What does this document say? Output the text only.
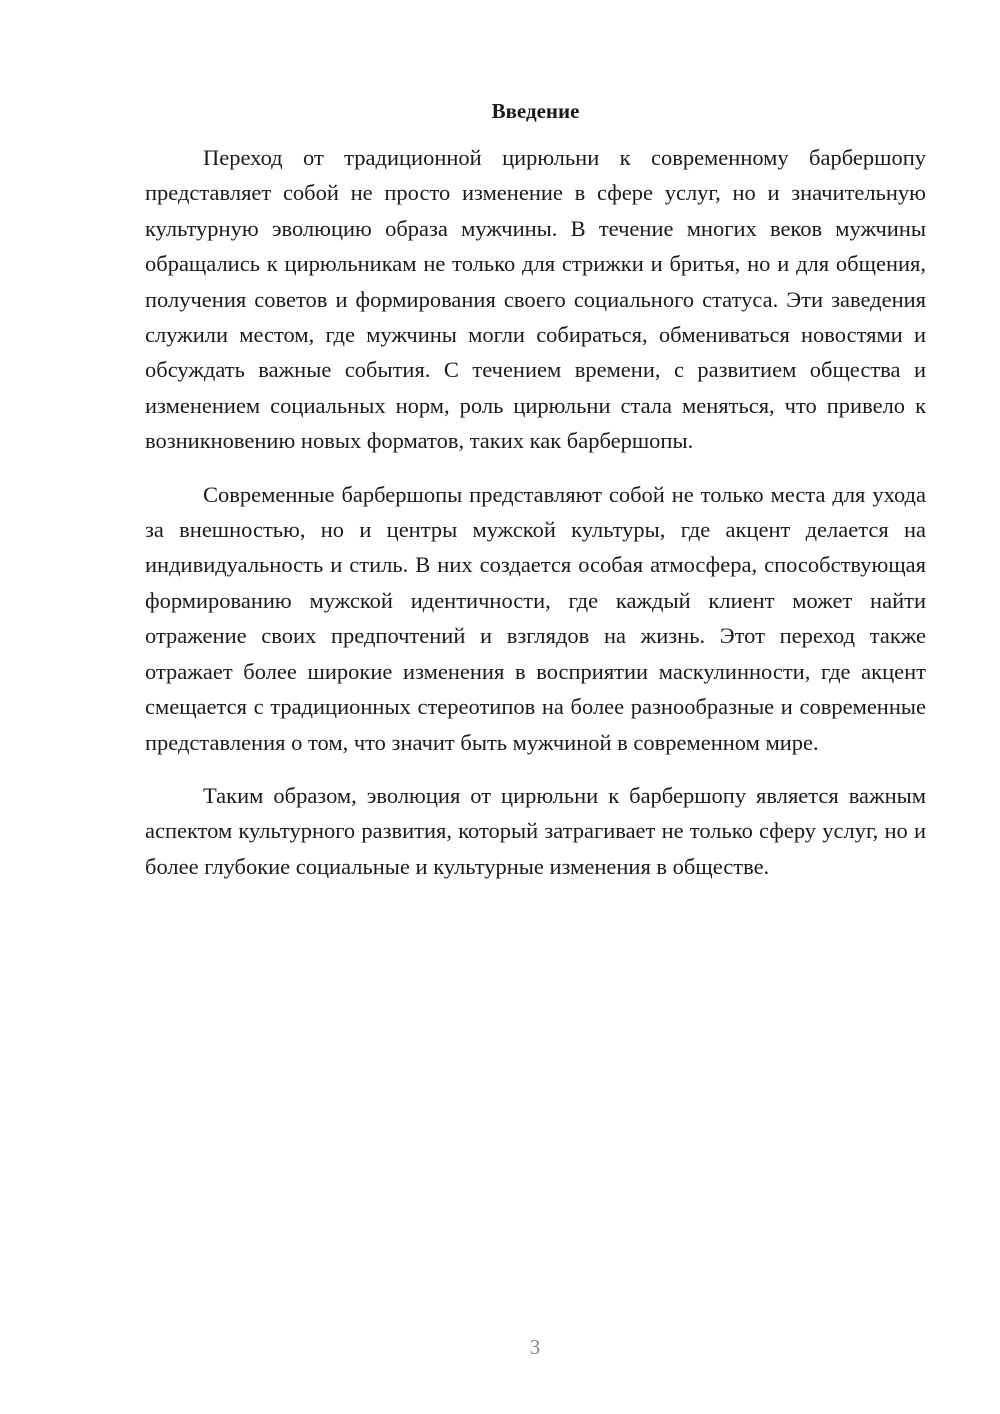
Введение

Переход от традиционной цирюльни к современному барбершопу представляет собой не просто изменение в сфере услуг, но и значительную культурную эволюцию образа мужчины. В течение многих веков мужчины обращались к цирюльникам не только для стрижки и бритья, но и для общения, получения советов и формирования своего социального статуса. Эти заведения служили местом, где мужчины могли собираться, обмениваться новостями и обсуждать важные события. С течением времени, с развитием общества и изменением социальных норм, роль цирюльни стала меняться, что привело к возникновению новых форматов, таких как барбершопы.

Современные барбершопы представляют собой не только места для ухода за внешностью, но и центры мужской культуры, где акцент делается на индивидуальность и стиль. В них создается особая атмосфера, способствующая формированию мужской идентичности, где каждый клиент может найти отражение своих предпочтений и взглядов на жизнь. Этот переход также отражает более широкие изменения в восприятии маскулинности, где акцент смещается с традиционных стереотипов на более разнообразные и современные представления о том, что значит быть мужчиной в современном мире.

Таким образом, эволюция от цирюльни к барбершопу является важным аспектом культурного развития, который затрагивает не только сферу услуг, но и более глубокие социальные и культурные изменения в обществе.

3
